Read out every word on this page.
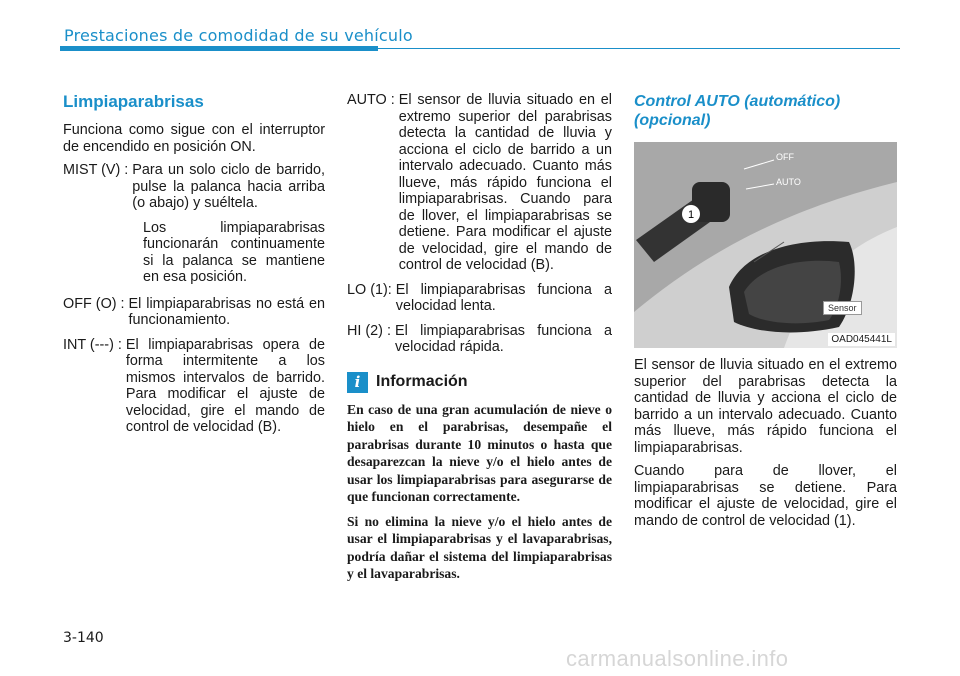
Prestaciones de comodidad de su vehículo
Limpiaparabrisas

Funciona como sigue con el interruptor de encendido en posición ON.

MIST (V) : Para un solo ciclo de barrido, pulse la palanca hacia arriba (o abajo) y suéltela.
Los limpiaparabrisas funcionarán continuamente si la palanca se mantiene en esa posición.
OFF (O) : El limpiaparabrisas no está en funcionamiento.
INT (---) : El limpiaparabrisas opera de forma intermitente a los mismos intervalos de barrido. Para modificar el ajuste de velocidad, gire el mando de control de velocidad (B).
AUTO : El sensor de lluvia situado en el extremo superior del parabrisas detecta la cantidad de lluvia y acciona el ciclo de barrido a un intervalo adecuado. Cuanto más llueve, más rápido funciona el limpiaparabrisas. Cuando para de llover, el limpiaparabrisas se detiene. Para modificar el ajuste de velocidad, gire el mando de control de velocidad (B).
LO (1): El limpiaparabrisas funciona a velocidad lenta.
HI (2) : El limpiaparabrisas funciona a velocidad rápida.
i Información

En caso de una gran acumulación de nieve o hielo en el parabrisas, desempañe el parabrisas durante 10 minutos o hasta que desaparezcan la nieve y/o el hielo antes de usar los limpiaparabrisas para asegurarse de que funcionan correctamente.

Si no elimina la nieve y/o el hielo antes de usar el limpiaparabrisas y el lavaparabrisas, podría dañar el sistema del limpiaparabrisas y el lavaparabrisas.

Control AUTO (automático) (opcional)
1
OFF
AUTO
Sensor
OAD045441L

El sensor de lluvia situado en el extremo superior del parabrisas detecta la cantidad de lluvia y acciona el ciclo de barrido a un intervalo adecuado. Cuanto más llueve, más rápido funciona el limpiaparabrisas.

Cuando para de llover, el limpiaparabrisas se detiene. Para modificar el ajuste de velocidad, gire el mando de control de velocidad (1).

3-140
carmanualsonline.info
